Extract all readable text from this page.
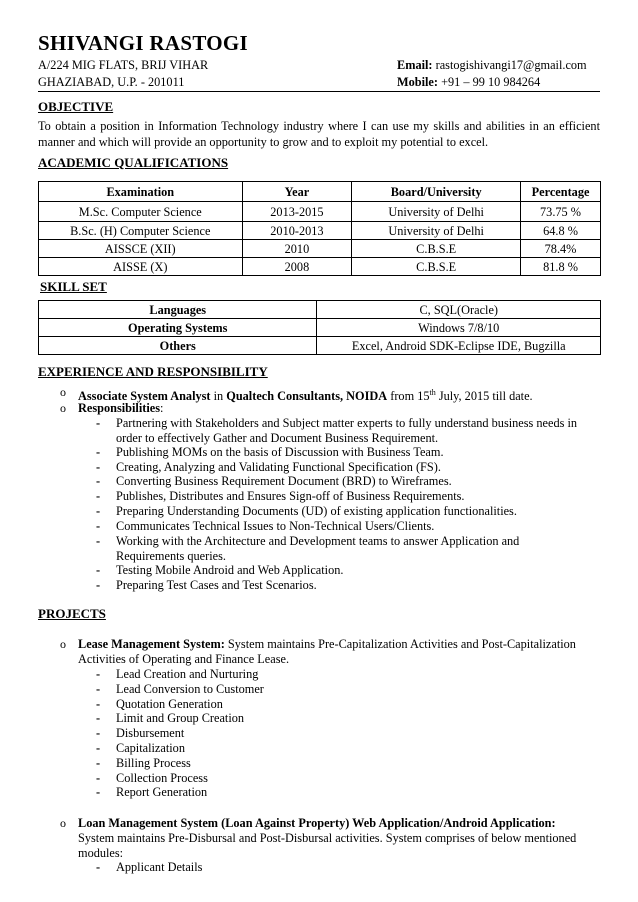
SHIVANGI RASTOGI
A/224 MIG FLATS, BRIJ VIHAR
GHAZIABAD, U.P. - 201011
Email: rastogishivangi17@gmail.com
Mobile: +91 – 99 10 984264
OBJECTIVE
To obtain a position in Information Technology industry where I can use my skills and abilities in an efficient manner and which will provide an opportunity to grow and to exploit my potential to excel.
ACADEMIC QUALIFICATIONS
Examination	Year	Board/University	Percentage
M.Sc. Computer Science	2013-2015	University of Delhi	73.75 %
B.Sc. (H) Computer Science	2010-2013	University of Delhi	64.8 %
AISSCE (XII)	2010	C.B.S.E	78.4%
AISSE (X)	2008	C.B.S.E	81.8 %
SKILL SET
Languages	C, SQL(Oracle)
Operating Systems	Windows 7/8/10
Others	Excel, Android SDK-Eclipse IDE, Bugzilla
EXPERIENCE AND RESPONSIBILITY
o Associate System Analyst in Qualtech Consultants, NOIDA from 15th July, 2015 till date.
o Responsibilities:
- Partnering with Stakeholders and Subject matter experts to fully understand business needs in order to effectively Gather and Document Business Requirement.
- Publishing MOMs on the basis of Discussion with Business Team.
- Creating, Analyzing and Validating Functional Specification (FS).
- Converting Business Requirement Document (BRD) to Wireframes.
- Publishes, Distributes and Ensures Sign-off of Business Requirements.
- Preparing Understanding Documents (UD) of existing application functionalities.
- Communicates Technical Issues to Non-Technical Users/Clients.
- Working with the Architecture and Development teams to answer Application and Requirements queries.
- Testing Mobile Android and Web Application.
- Preparing Test Cases and Test Scenarios.
PROJECTS
o Lease Management System: System maintains Pre-Capitalization Activities and Post-Capitalization Activities of Operating and Finance Lease.
- Lead Creation and Nurturing
- Lead Conversion to Customer
- Quotation Generation
- Limit and Group Creation
- Disbursement
- Capitalization
- Billing Process
- Collection Process
- Report Generation
o Loan Management System (Loan Against Property) Web Application/Android Application:
System maintains Pre-Disbursal and Post-Disbursal activities. System comprises of below mentioned modules:
- Applicant Details
